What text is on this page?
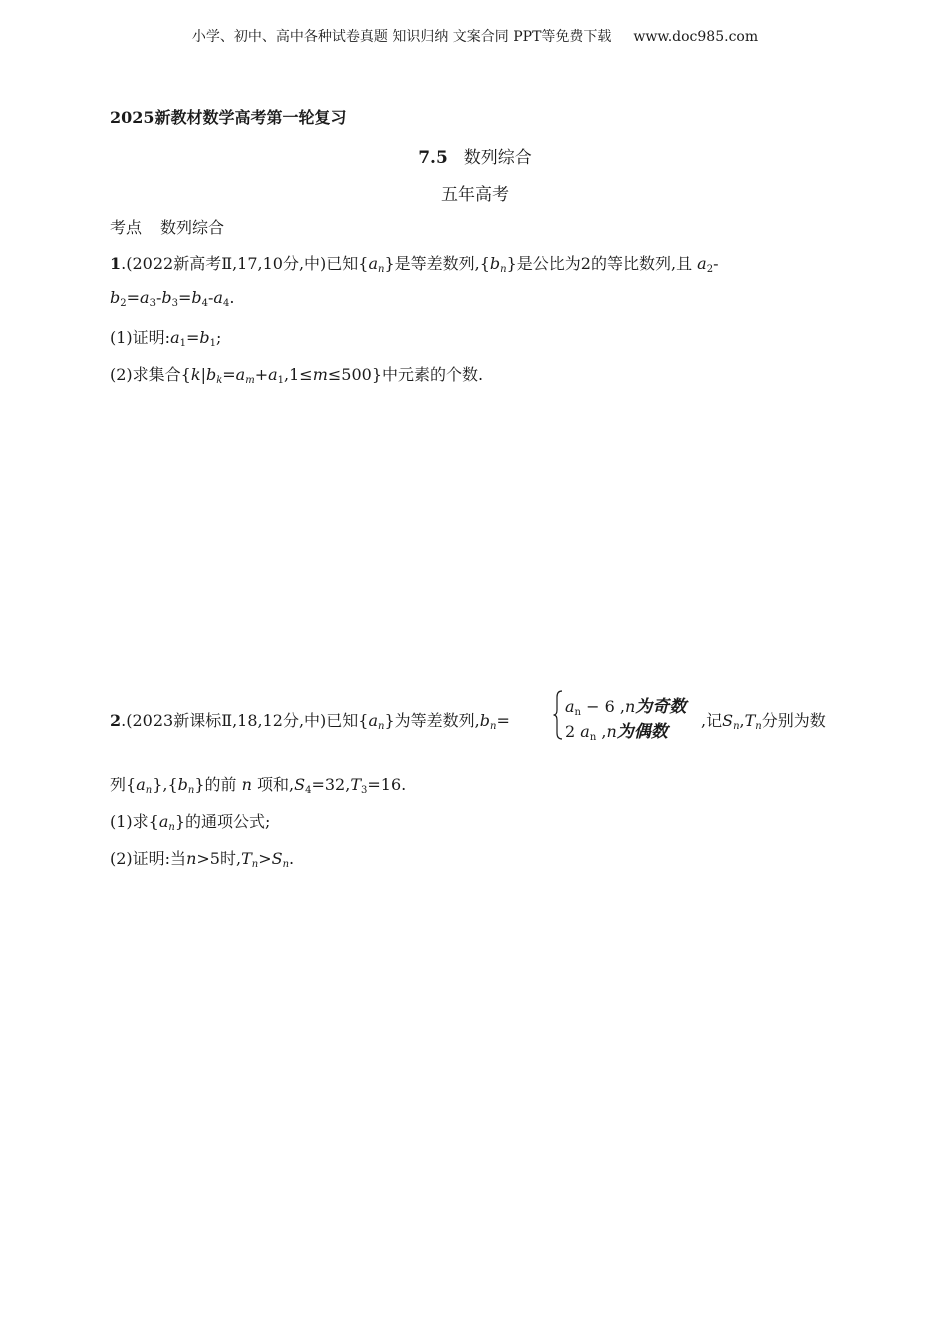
小学、初中、高中各种试卷真题 知识归纳 文案合同 PPT等免费下载 www.doc985.com
2025新教材数学高考第一轮复习
7.5 数列综合
五年高考
考点 数列综合
1.(2022新高考Ⅱ,17,10分,中)已知$\{a_n\}$是等差数列$,\{b_n\}$是公比为2的等比数列,且 $a_2-$
$b_2=a_3-b_3=b_4-a_4$.
(1)证明$:a_1=b_1$;
(2)求集合$\{k|b_k=a_m+a_1,1\le m\le 500\}$中元素的个数.
2.(2023新课标Ⅱ,18,12分,中)已知$\{a_n\}$为等差数列$,b_n=$
$a_n - 6$ ,n为奇数
2 $a_n$ ,n为偶数
,记$S_n,T_n$分别为数
列$\{a_n\},\{b_n\}$的前 n 项和$,S_4=32,T_3=16$.
(1)求$\{a_n\}$的通项公式;
(2)证明:当n>5时$,T_n>S_n$.
